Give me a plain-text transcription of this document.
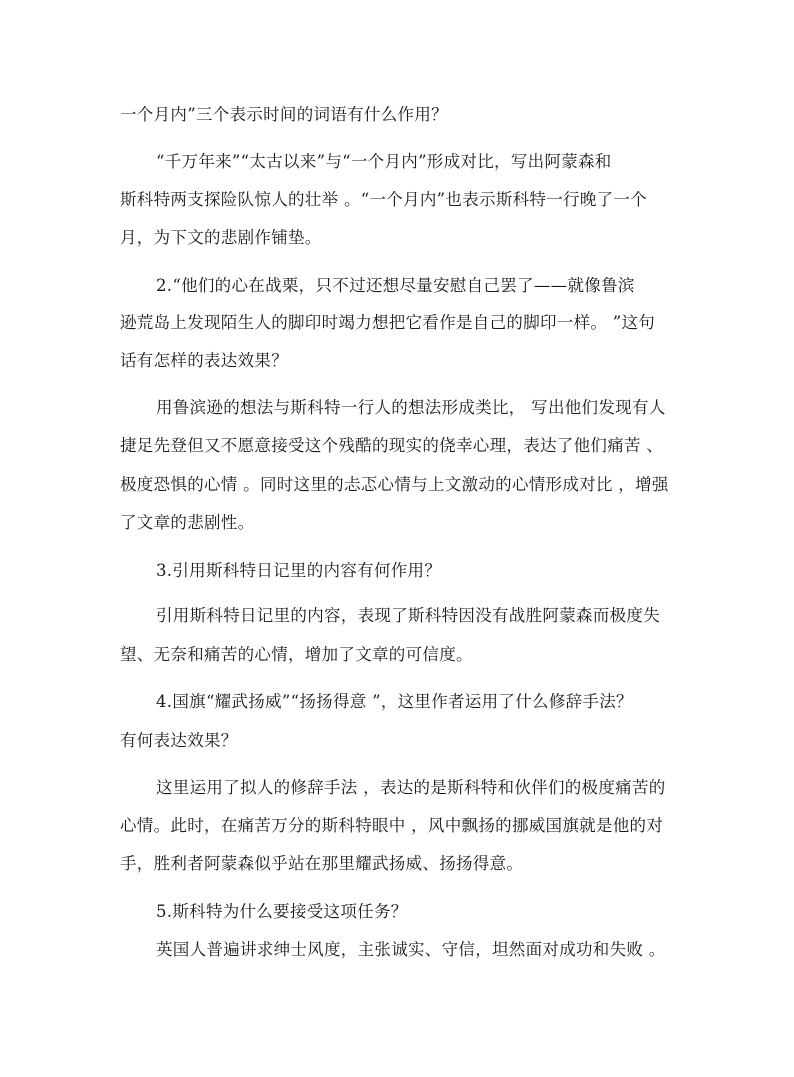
一个月内”三个表示时间的词语有什么作用？
“千万年来”“太古以来”与“一个月内”形成对比，写出阿蒙森和
斯科特两支探险队惊人的壮举 。“一个月内”也表示斯科特一行晚了一个
月，为下文的悲剧作铺垫。
2.“他们的心在战栗，只不过还想尽量安慰自己罢了——就像鲁滨
逊荒岛上发现陌生人的脚印时竭力想把它看作是自己的脚印一样。 ”这句
话有怎样的表达效果？
用鲁滨逊的想法与斯科特一行人的想法形成类比， 写出他们发现有人
捷足先登但又不愿意接受这个残酷的现实的侥幸心理，表达了他们痛苦 、
极度恐惧的心情 。同时这里的忐忑心情与上文激动的心情形成对比 ，增强
了文章的悲剧性。
3.引用斯科特日记里的内容有何作用？
引用斯科特日记里的内容，表现了斯科特因没有战胜阿蒙森而极度失
望、无奈和痛苦的心情，增加了文章的可信度。
4.国旗“耀武扬威”“扬扬得意 ”，这里作者运用了什么修辞手法？
有何表达效果？
这里运用了拟人的修辞手法 ，表达的是斯科特和伙伴们的极度痛苦的
心情。此时，在痛苦万分的斯科特眼中 ，风中飘扬的挪威国旗就是他的对
手，胜利者阿蒙森似乎站在那里耀武扬威、扬扬得意。
5.斯科特为什么要接受这项任务？
英国人普遍讲求绅士风度，主张诚实、守信，坦然面对成功和失败 。
